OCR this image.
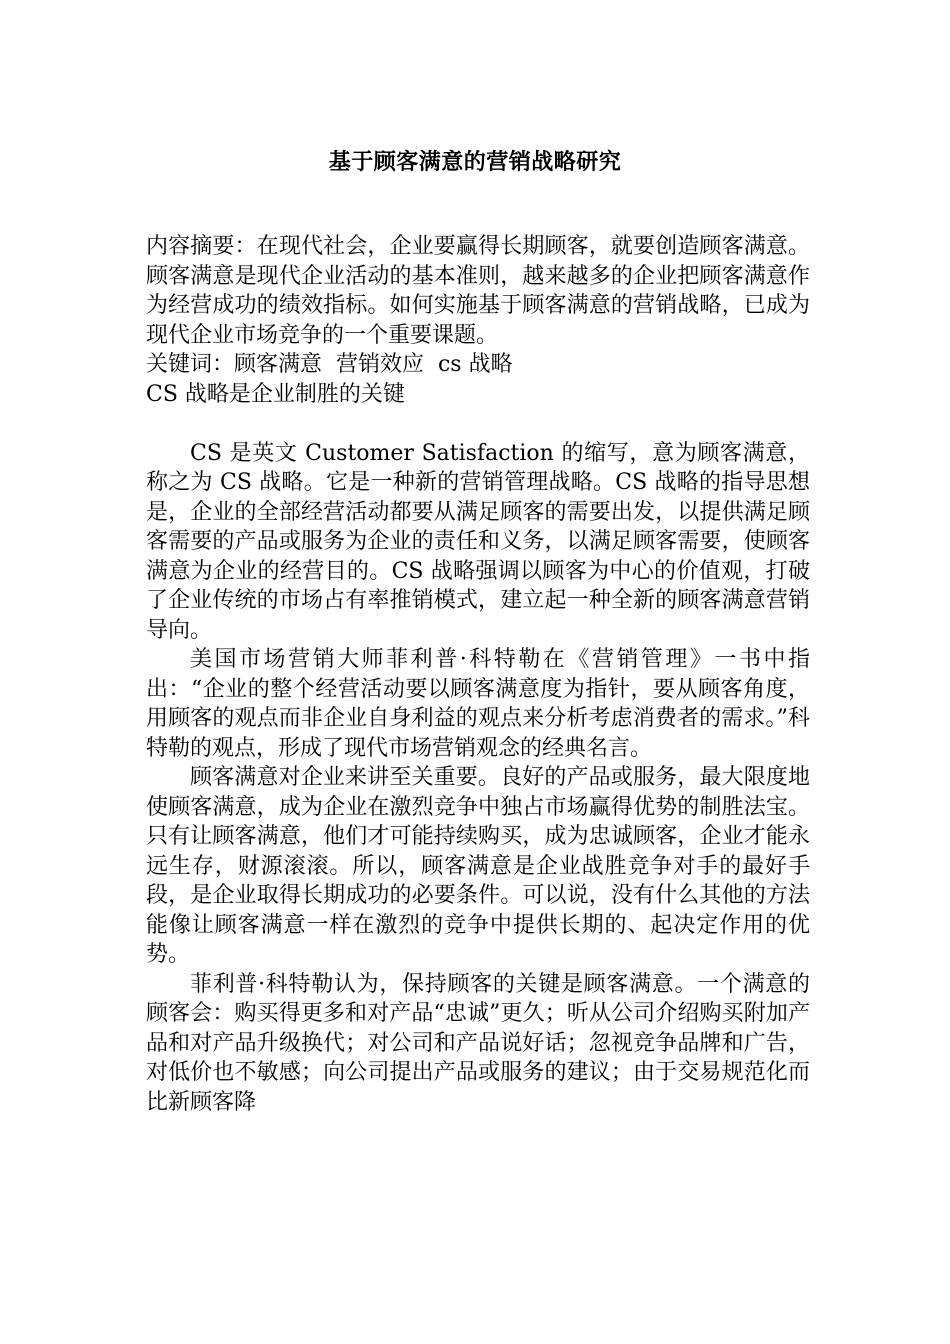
基于顾客满意的营销战略研究

内容摘要：在现代社会，企业要赢得长期顾客，就要创造顾客满意。顾客满意是现代企业活动的基本准则，越来越多的企业把顾客满意作为经营成功的绩效指标。如何实施基于顾客满意的营销战略，已成为现代企业市场竞争的一个重要课题。

关键词：顾客满意  营销效应  cs 战略

CS 战略是企业制胜的关键

CS 是英文 Customer Satisfaction 的缩写，意为顾客满意，称之为 CS 战略。它是一种新的营销管理战略。CS 战略的指导思想是，企业的全部经营活动都要从满足顾客的需要出发，以提供满足顾客需要的产品或服务为企业的责任和义务，以满足顾客需要，使顾客满意为企业的经营目的。CS 战略强调以顾客为中心的价值观，打破了企业传统的市场占有率推销模式，建立起一种全新的顾客满意营销导向。

美国市场营销大师菲利普·科特勒在《营销管理》一书中指出：“企业的整个经营活动要以顾客满意度为指针，要从顾客角度，用顾客的观点而非企业自身利益的观点来分析考虑消费者的需求。”科特勒的观点，形成了现代市场营销观念的经典名言。

顾客满意对企业来讲至关重要。良好的产品或服务，最大限度地使顾客满意，成为企业在激烈竞争中独占市场赢得优势的制胜法宝。只有让顾客满意，他们才可能持续购买，成为忠诚顾客，企业才能永远生存，财源滚滚。所以，顾客满意是企业战胜竞争对手的最好手段，是企业取得长期成功的必要条件。可以说，没有什么其他的方法能像让顾客满意一样在激烈的竞争中提供长期的、起决定作用的优势。

菲利普·科特勒认为，保持顾客的关键是顾客满意。一个满意的顾客会：购买得更多和对产品“忠诚”更久；听从公司介绍购买附加产品和对产品升级换代；对公司和产品说好话；忽视竞争品牌和广告，对低价也不敏感；向公司提出产品或服务的建议；由于交易规范化而比新顾客降
